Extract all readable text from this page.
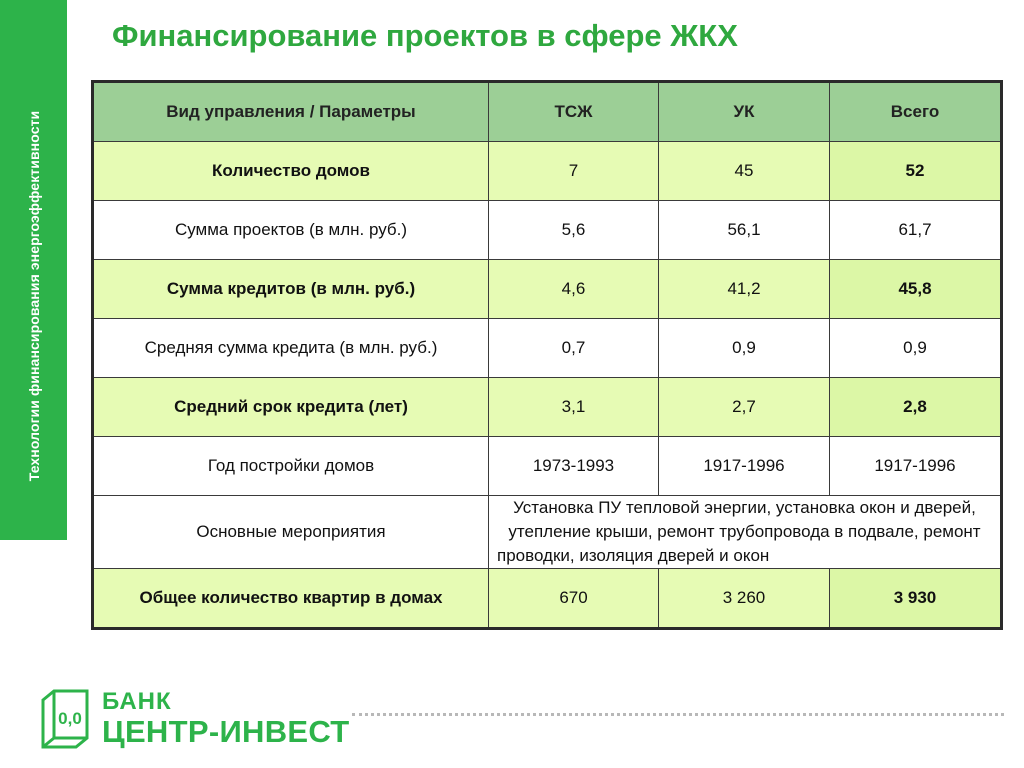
Технологии финансирования энергоэффективности
Финансирование проектов в сфере ЖКХ
Вид управления / Параметры	ТСЖ	УК	Всего
Количество домов	7	45	52
Сумма проектов (в млн. руб.)	5,6	56,1	61,7
Сумма кредитов (в млн. руб.)	4,6	41,2	45,8
Средняя сумма кредита (в млн. руб.)	0,7	0,9	0,9
Средний срок кредита (лет)	3,1	2,7	2,8
Год постройки домов	1973-1993	1917-1996	1917-1996
Основные мероприятия	Установка ПУ тепловой энергии, установка окон и дверей, утепление крыши, ремонт трубопровода в подвале, ремонт проводки, изоляция дверей и окон		
Общее количество квартир в домах	670	3 260	3 930
0,0
БАНК
ЦЕНТР-ИНВЕСТ
